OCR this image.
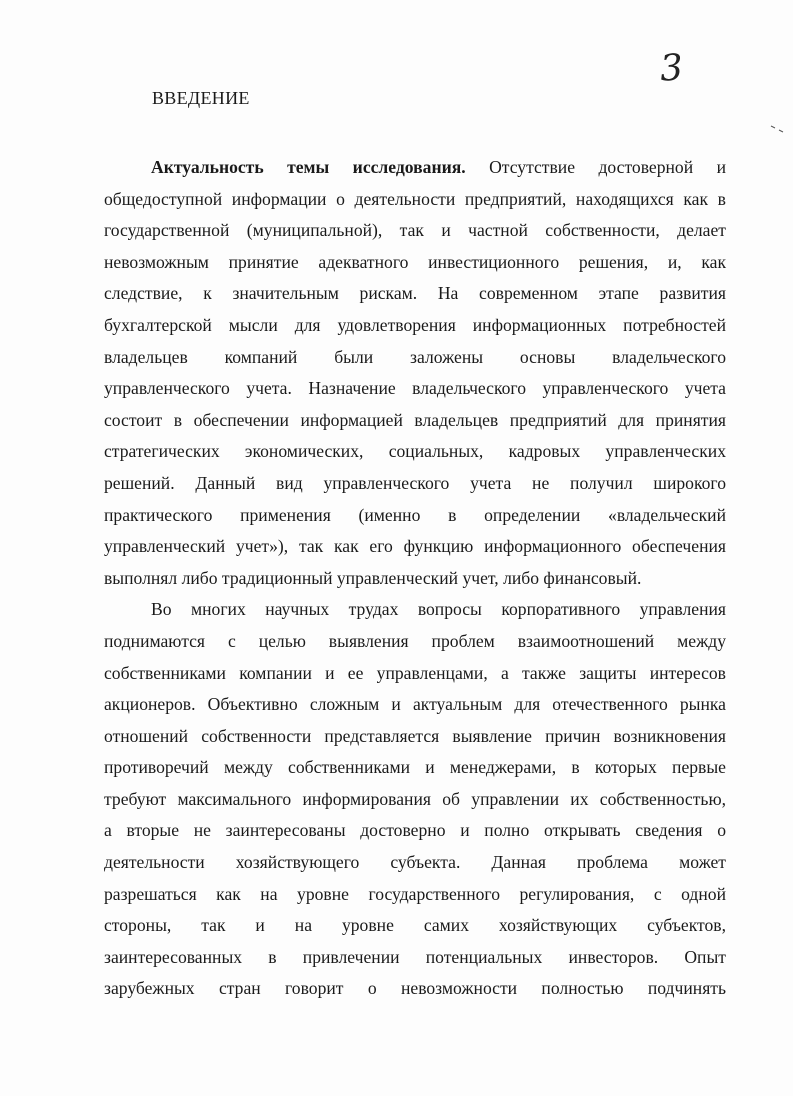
3
ВВЕДЕНИЕ
Актуальность темы исследования. Отсутствие достоверной и
общедоступной информации о деятельности предприятий, находящихся как в
государственной (муниципальной), так и частной собственности, делает
невозможным принятие адекватного инвестиционного решения, и, как
следствие, к значительным рискам. На современном этапе развития
бухгалтерской мысли для удовлетворения информационных потребностей
владельцев компаний были заложены основы владельческого
управленческого учета. Назначение владельческого управленческого учета
состоит в обеспечении информацией владельцев предприятий для принятия
стратегических экономических, социальных, кадровых управленческих
решений. Данный вид управленческого учета не получил широкого
практического применения (именно в определении «владельческий
управленческий учет»), так как его функцию информационного обеспечения
выполнял либо традиционный управленческий учет, либо финансовый.
Во многих научных трудах вопросы корпоративного управления
поднимаются с целью выявления проблем взаимоотношений между
собственниками компании и ее управленцами, а также защиты интересов
акционеров. Объективно сложным и актуальным для отечественного рынка
отношений собственности представляется выявление причин возникновения
противоречий между собственниками и менеджерами, в которых первые
требуют максимального информирования об управлении их собственностью,
а вторые не заинтересованы достоверно и полно открывать сведения о
деятельности хозяйствующего субъекта. Данная проблема может
разрешаться как на уровне государственного регулирования, с одной
стороны, так и на уровне самих хозяйствующих субъектов,
заинтересованных в привлечении потенциальных инвесторов. Опыт
зарубежных стран говорит о невозможности полностью подчинять
